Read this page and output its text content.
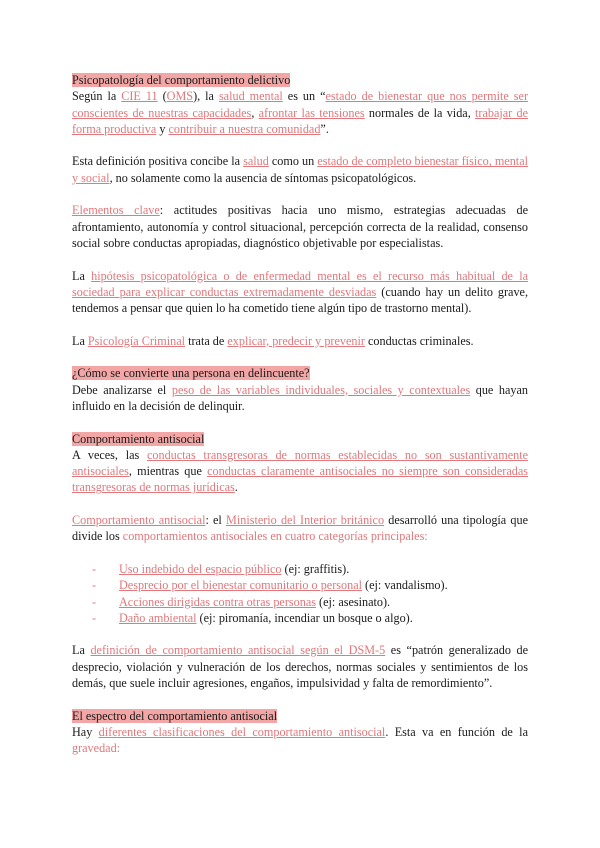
Psicopatología del comportamiento delictivo

Según la CIE 11 (OMS), la salud mental es un “estado de bienestar que nos permite ser conscientes de nuestras capacidades, afrontar las tensiones normales de la vida, trabajar de forma productiva y contribuir a nuestra comunidad”.

Esta definición positiva concibe la salud como un estado de completo bienestar físico, mental y social, no solamente como la ausencia de síntomas psicopatológicos.

Elementos clave: actitudes positivas hacia uno mismo, estrategias adecuadas de afrontamiento, autonomía y control situacional, percepción correcta de la realidad, consenso social sobre conductas apropiadas, diagnóstico objetivable por especialistas.

La hipótesis psicopatológica o de enfermedad mental es el recurso más habitual de la sociedad para explicar conductas extremadamente desviadas (cuando hay un delito grave, tendemos a pensar que quien lo ha cometido tiene algún tipo de trastorno mental).

La Psicología Criminal trata de explicar, predecir y prevenir conductas criminales.

¿Cómo se convierte una persona en delincuente?

Debe analizarse el peso de las variables individuales, sociales y contextuales que hayan influido en la decisión de delinquir.

Comportamiento antisocial

A veces, las conductas transgresoras de normas establecidas no son sustantivamente antisociales, mientras que conductas claramente antisociales no siempre son consideradas transgresoras de normas jurídicas.

Comportamiento antisocial: el Ministerio del Interior británico desarrolló una tipología que divide los comportamientos antisociales en cuatro categorías principales:

- Uso indebido del espacio público (ej: graffitis).
- Desprecio por el bienestar comunitario o personal (ej: vandalismo).
- Acciones dirigidas contra otras personas (ej: asesinato).
- Daño ambiental (ej: piromanía, incendiar un bosque o algo).

La definición de comportamiento antisocial según el DSM-5 es “patrón generalizado de desprecio, violación y vulneración de los derechos, normas sociales y sentimientos de los demás, que suele incluir agresiones, engaños, impulsividad y falta de remordimiento”.

El espectro del comportamiento antisocial

Hay diferentes clasificaciones del comportamiento antisocial. Esta va en función de la gravedad:
